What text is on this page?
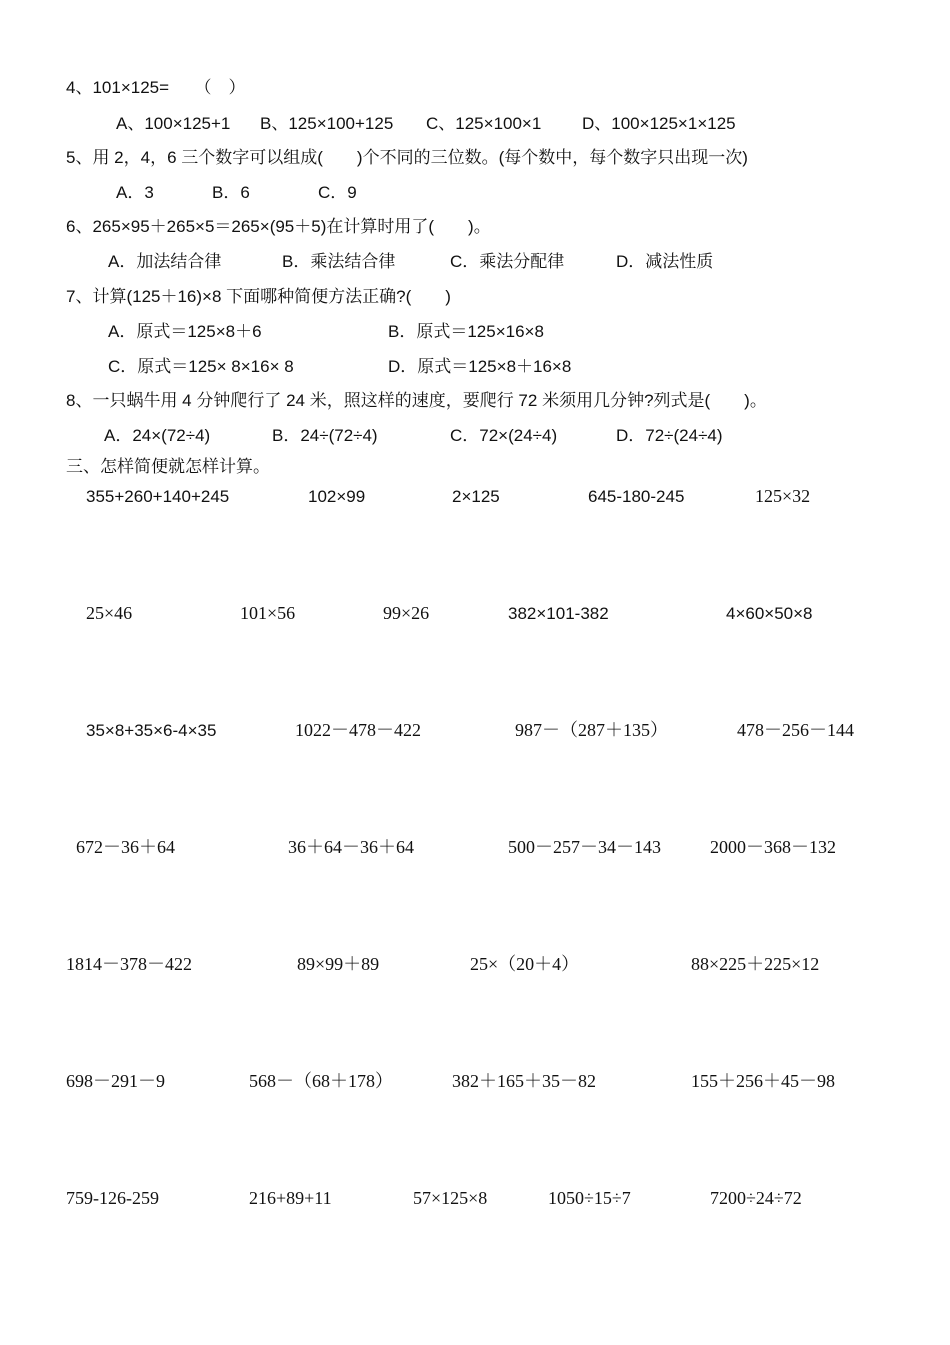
4、101×125=　　（　）
A、100×125+1 B、125×100+125 C、125×100×1 D、100×125×1×125
5、用 2，4，6 三个数字可以组成(　　)个不同的三位数。(每个数中，每个数字只出现一次)
A．3	B．6	C．9
6、265×95＋265×5＝265×(95＋5)在计算时用了(　　)。
A．加法结合律	B．乘法结合律	C．乘法分配律	D．减法性质
7、计算(125＋16)×8 下面哪种简便方法正确?(　　)
A．原式＝125×8＋6	B．原式＝125×16×8
C．原式＝125× 8×16× 8	D．原式＝125×8＋16×8
8、一只蜗牛用 4 分钟爬行了 24 米，照这样的速度，要爬行 72 米须用几分钟?列式是(　　)。
A．24×(72÷4)	B．24÷(72÷4)	C．72×(24÷4)	D．72÷(24÷4)
三、怎样简便就怎样计算。
355+260+140+245	102×99	2×125	645-180-245	125×32
25×46	101×56	99×26	382×101-382	4×60×50×8
35×8+35×6-4×35	1022－478－422	987－（287＋135）	478－256－144
672－36＋64	36＋64－36＋64	500－257－34－143	2000－368－132
1814－378－422	89×99＋89	25×（20＋4）	88×225＋225×12
698－291－9	568－（68＋178）	382＋165＋35－82	155＋256＋45－98
759-126-259	216+89+11	57×125×8	1050÷15÷7	7200÷24÷72
